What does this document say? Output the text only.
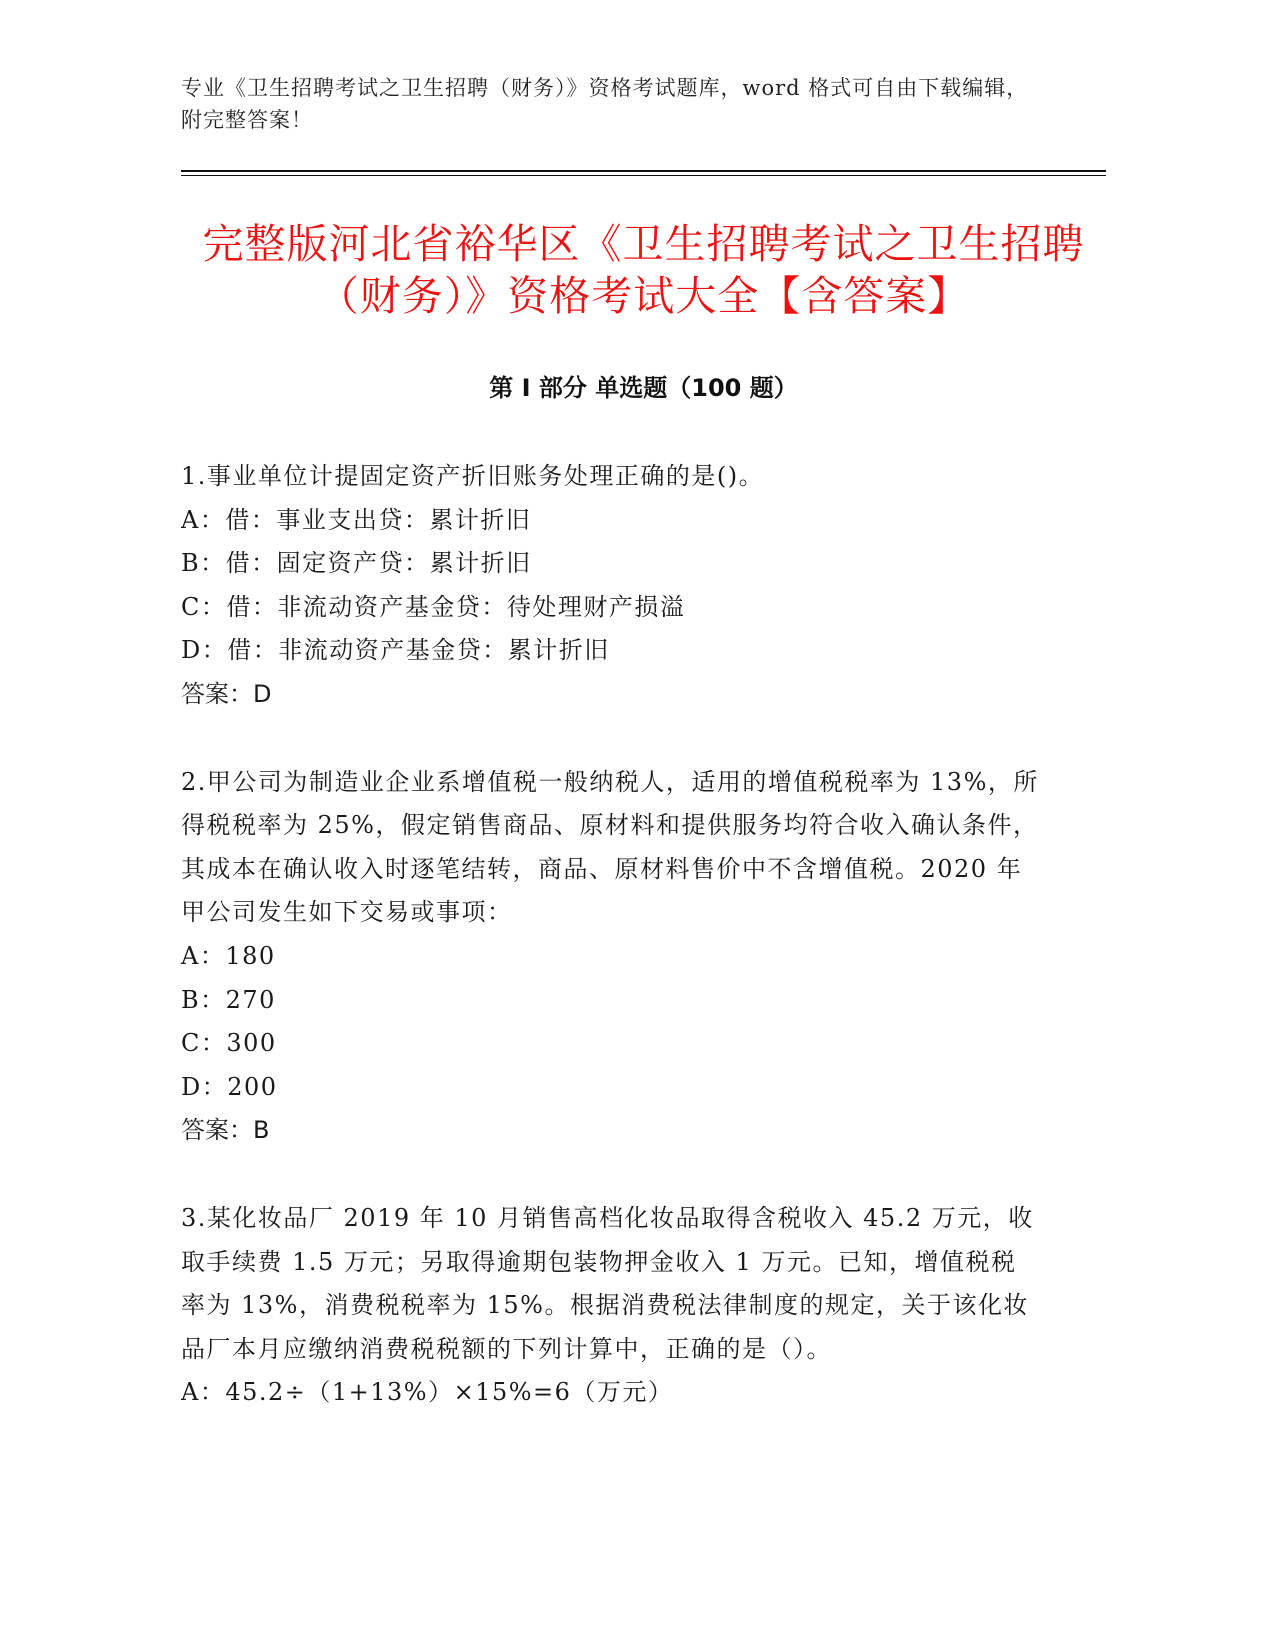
专业《卫生招聘考试之卫生招聘（财务）》资格考试题库，word 格式可自由下载编辑，附完整答案！
完整版河北省裕华区《卫生招聘考试之卫生招聘（财务）》资格考试大全【含答案】
第 I 部分 单选题（100 题）

1.事业单位计提固定资产折旧账务处理正确的是()。

A：借：事业支出贷：累计折旧

B：借：固定资产贷：累计折旧

C：借：非流动资产基金贷：待处理财产损溢

D：借：非流动资产基金贷：累计折旧

答案：D

2.甲公司为制造业企业系增值税一般纳税人，适用的增值税税率为 13%，所得税税率为 25%，假定销售商品、原材料和提供服务均符合收入确认条件，其成本在确认收入时逐笔结转，商品、原材料售价中不含增值税。2020 年甲公司发生如下交易或事项：

A：180

B：270

C：300

D：200

答案：B

3.某化妆品厂 2019 年 10 月销售高档化妆品取得含税收入 45.2 万元，收取手续费 1.5 万元；另取得逾期包装物押金收入 1 万元。已知，增值税税率为 13%，消费税税率为 15%。根据消费税法律制度的规定，关于该化妆品厂本月应缴纳消费税税额的下列计算中，正确的是（）。

A：45.2÷（1+13%）×15%=6（万元）
